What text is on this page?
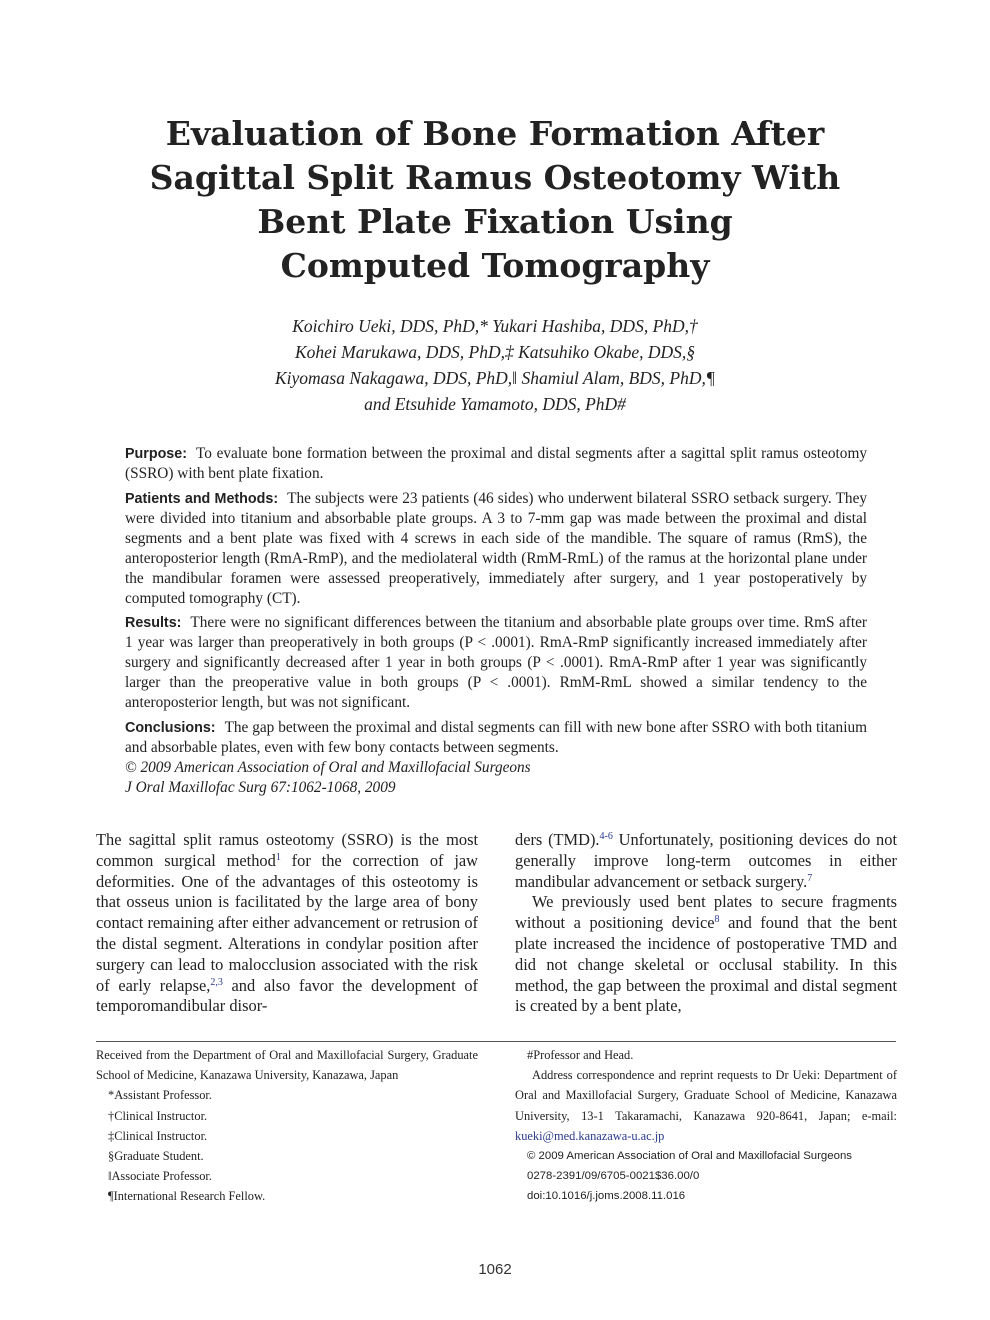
Evaluation of Bone Formation After
Sagittal Split Ramus Osteotomy With
Bent Plate Fixation Using
Computed Tomography
Koichiro Ueki, DDS, PhD,* Yukari Hashiba, DDS, PhD,†
Kohei Marukawa, DDS, PhD,‡ Katsuhiko Okabe, DDS,§
Kiyomasa Nakagawa, DDS, PhD,‖ Shamiul Alam, BDS, PhD,¶
and Etsuhide Yamamoto, DDS, PhD#

Purpose: To evaluate bone formation between the proximal and distal segments after a sagittal split ramus osteotomy (SSRO) with bent plate fixation.

Patients and Methods: The subjects were 23 patients (46 sides) who underwent bilateral SSRO setback surgery. They were divided into titanium and absorbable plate groups. A 3 to 7-mm gap was made between the proximal and distal segments and a bent plate was fixed with 4 screws in each side of the mandible. The square of ramus (RmS), the anteroposterior length (RmA-RmP), and the mediolateral width (RmM-RmL) of the ramus at the horizontal plane under the mandibular foramen were assessed preoperatively, immediately after surgery, and 1 year postoperatively by computed tomography (CT).

Results: There were no significant differences between the titanium and absorbable plate groups over time. RmS after 1 year was larger than preoperatively in both groups (P < .0001). RmA-RmP significantly increased immediately after surgery and significantly decreased after 1 year in both groups (P < .0001). RmA-RmP after 1 year was significantly larger than the preoperative value in both groups (P < .0001). RmM-RmL showed a similar tendency to the anteroposterior length, but was not significant.

Conclusions: The gap between the proximal and distal segments can fill with new bone after SSRO with both titanium and absorbable plates, even with few bony contacts between segments.

© 2009 American Association of Oral and Maxillofacial Surgeons
J Oral Maxillofac Surg 67:1062-1068, 2009

The sagittal split ramus osteotomy (SSRO) is the most common surgical method$^1$ for the correction of jaw deformities. One of the advantages of this osteotomy is that osseus union is facilitated by the large area of bony contact remaining after either advancement or retrusion of the distal segment. Alterations in condylar position after surgery can lead to malocclusion associated with the risk of early relapse,$^{2,3}$ and also favor the development of temporomandibular disor-

ders (TMD).$^{4-6}$ Unfortunately, positioning devices do not generally improve long-term outcomes in either mandibular advancement or setback surgery.$^7$

We previously used bent plates to secure fragments without a positioning device$^8$ and found that the bent plate increased the incidence of postoperative TMD and did not change skeletal or occlusal stability. In this method, the gap between the proximal and distal segment is created by a bent plate,

Received from the Department of Oral and Maxillofacial Surgery, Graduate School of Medicine, Kanazawa University, Kanazawa, Japan

*Assistant Professor.

†Clinical Instructor.

‡Clinical Instructor.

§Graduate Student.

‖Associate Professor.

¶International Research Fellow.

#Professor and Head.

Address correspondence and reprint requests to Dr Ueki: Department of Oral and Maxillofacial Surgery, Graduate School of Medicine, Kanazawa University, 13-1 Takaramachi, Kanazawa 920-8641, Japan; e-mail: kueki@med.kanazawa-u.ac.jp

© 2009 American Association of Oral and Maxillofacial Surgeons

0278-2391/09/6705-0021$36.00/0

doi:10.1016/j.joms.2008.11.016

1062
